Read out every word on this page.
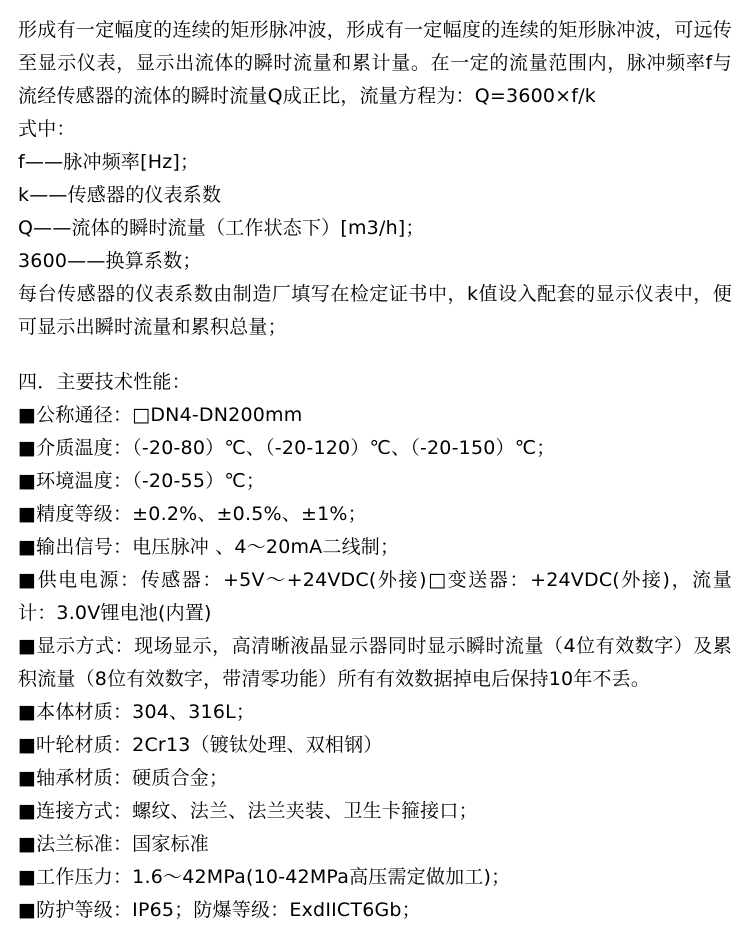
形成有一定幅度的连续的矩形脉冲波，形成有一定幅度的连续的矩形脉冲波，可远传至显示仪表，显示出流体的瞬时流量和累计量。在一定的流量范围内，脉冲频率f与流经传感器的流体的瞬时流量Q成正比，流量方程为：Q=3600×f/k

式中：

f——脉冲频率[Hz]；

k——传感器的仪表系数

Q——流体的瞬时流量（工作状态下）[m3/h]；

3600——换算系数；

每台传感器的仪表系数由制造厂填写在检定证书中，k值设入配套的显示仪表中，便可显示出瞬时流量和累积总量；

四．主要技术性能：

■公称通径：□DN4-DN200mm

■介质温度：（-20-80）℃、（-20-120）℃、（-20-150）℃；

■环境温度：（-20-55）℃；

■精度等级：±0.2%、±0.5%、±1%；

■输出信号：电压脉冲 、4～20mA二线制；

■供电电源：传感器：+5V～+24VDC(外接)□变送器：+24VDC(外接)，流量计：3.0V锂电池(内置)

■显示方式：现场显示，高清晰液晶显示器同时显示瞬时流量（4位有效数字）及累积流量（8位有效数字，带清零功能）所有有效数据掉电后保持10年不丢。

■本体材质：304、316L；

■叶轮材质：2Cr13（镀钛处理、双相钢）

■轴承材质：硬质合金；

■连接方式：螺纹、法兰、法兰夹装、卫生卡箍接口；

■法兰标准：国家标准

■工作压力：1.6～42MPa(10-42MPa高压需定做加工)；

■防护等级：IP65；防爆等级：ExdIICT6Gb；
